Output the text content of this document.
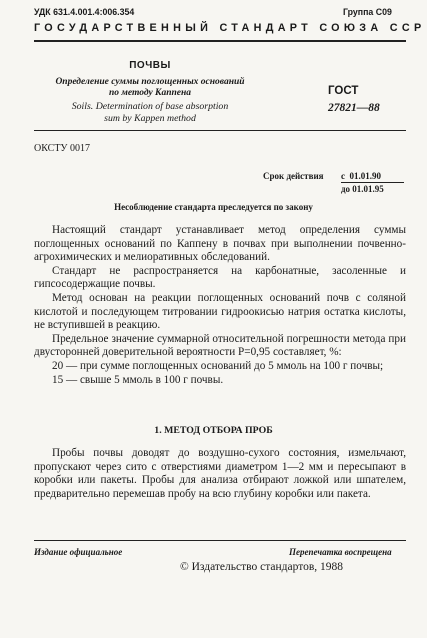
УДК 631.4.001.4:006.354	Группа С09
ГОСУДАРСТВЕННЫЙ СТАНДАРТ СОЮЗА ССР
ПОЧВЫ
Определение суммы поглощенных оснований
по методу Каппена
Soils. Determination of base absorption
sum by Kappen method
ГОСТ
27821—88
ОКСТУ 0017
Срок действия с  01.01.90
до 01.01.95
Несоблюдение стандарта преследуется по закону

Настоящий стандарт устанавливает метод определения суммы поглощенных оснований по Каппену в почвах при выполнении почвенно-агрохимических и мелиоративных обследований.

Стандарт не распространяется на карбонатные, засоленные и гипсосодержащие почвы.

Метод основан на реакции поглощенных оснований почв с соляной кислотой и последующем титровании гидроокисью натрия остатка кислоты, не вступившей в реакцию.

Предельное значение суммарной относительной погрешности метода при двусторонней доверительной вероятности P=0,95 составляет, %:

20 — при сумме поглощенных оснований до 5 ммоль на 100 г почвы;

15 — свыше 5 ммоль в 100 г почвы.

1. МЕТОД ОТБОРА ПРОБ

Пробы почвы доводят до воздушно-сухого состояния, измельчают, пропускают через сито с отверстиями диаметром 1—2 мм и пересыпают в коробки или пакеты. Пробы для анализа отбирают ложкой или шпателем, предварительно перемешав пробу на всю глубину коробки или пакета.

Издание официальное	Перепечатка воспрещена
© Издательство стандартов, 1988
